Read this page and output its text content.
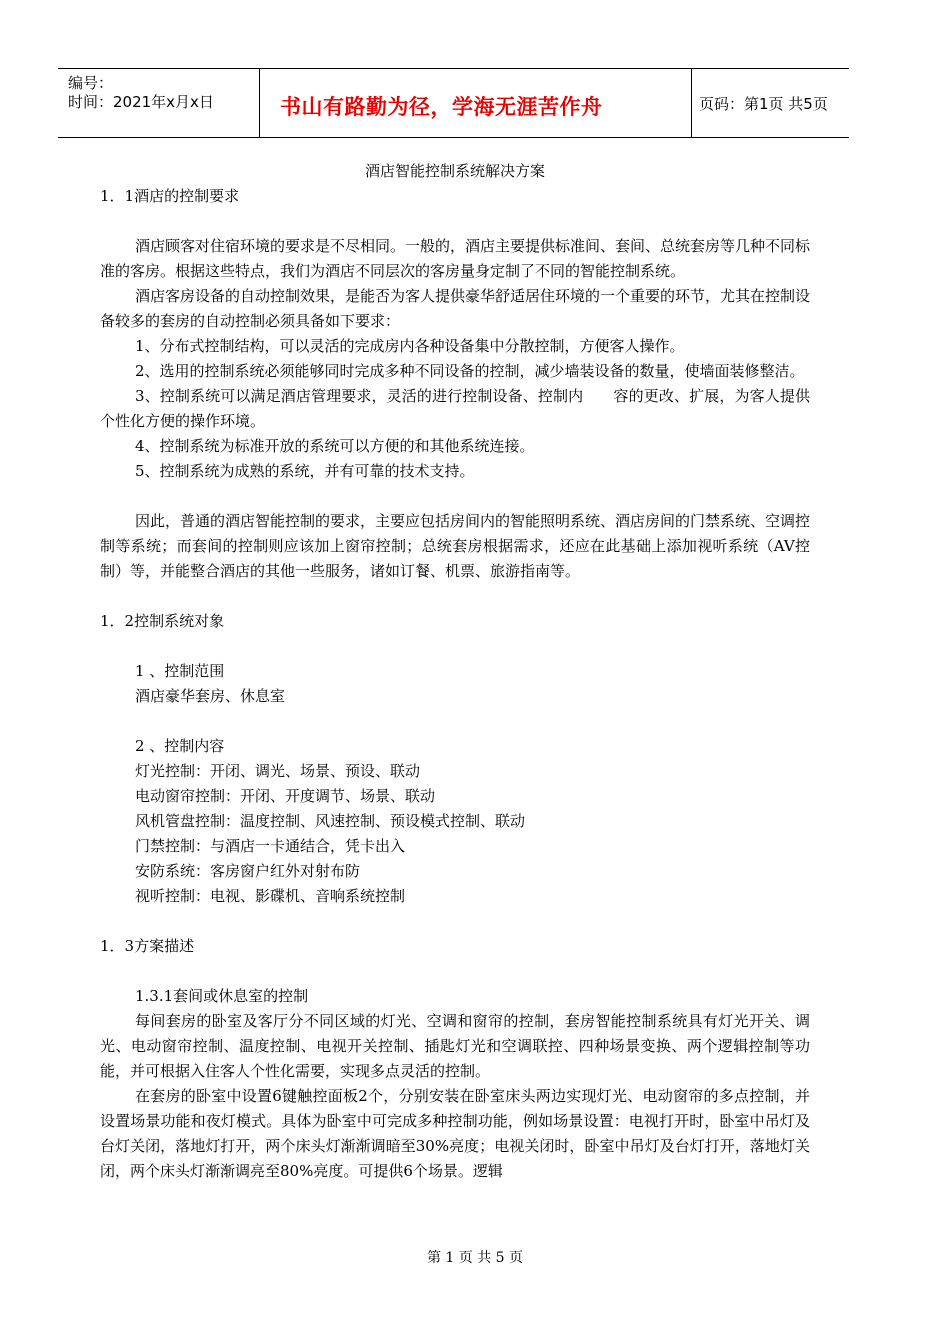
编号：
时间：2021年x月x日	书山有路勤为径，学海无涯苦作舟	页码：第1页 共5页
酒店智能控制系统解决方案
1．1酒店的控制要求

酒店顾客对住宿环境的要求是不尽相同。一般的，酒店主要提供标准间、套间、总统套房等几种不同标准的客房。根据这些特点，我们为酒店不同层次的客房量身定制了不同的智能控制系统。

酒店客房设备的自动控制效果，是能否为客人提供豪华舒适居住环境的一个重要的环节，尤其在控制设备较多的套房的自动控制必须具备如下要求：

1、分布式控制结构，可以灵活的完成房内各种设备集中分散控制，方便客人操作。

2、选用的控制系统必须能够同时完成多种不同设备的控制，减少墙装设备的数量，使墙面装修整洁。

3、控制系统可以满足酒店管理要求，灵活的进行控制设备、控制内　　容的更改、扩展，为客人提供个性化方便的操作环境。

4、控制系统为标准开放的系统可以方便的和其他系统连接。

5、控制系统为成熟的系统，并有可靠的技术支持。

因此，普通的酒店智能控制的要求，主要应包括房间内的智能照明系统、酒店房间的门禁系统、空调控制等系统；而套间的控制则应该加上窗帘控制；总统套房根据需求，还应在此基础上添加视听系统（AV控制）等，并能整合酒店的其他一些服务，诸如订餐、机票、旅游指南等。

1．2控制系统对象

1 、控制范围

酒店豪华套房、休息室

2 、控制内容

灯光控制：开闭、调光、场景、预设、联动

电动窗帘控制：开闭、开度调节、场景、联动

风机管盘控制：温度控制、风速控制、预设模式控制、联动

门禁控制：与酒店一卡通结合，凭卡出入

安防系统：客房窗户红外对射布防

视听控制：电视、影碟机、音响系统控制

1．3方案描述

1.3.1套间或休息室的控制

每间套房的卧室及客厅分不同区域的灯光、空调和窗帘的控制，套房智能控制系统具有灯光开关、调光、电动窗帘控制、温度控制、电视开关控制、插匙灯光和空调联控、四种场景变换、两个逻辑控制等功能，并可根据入住客人个性化需要，实现多点灵活的控制。

在套房的卧室中设置6键触控面板2个，分别安装在卧室床头两边实现灯光、电动窗帘的多点控制，并设置场景功能和夜灯模式。具体为卧室中可完成多种控制功能，例如场景设置：电视打开时，卧室中吊灯及台灯关闭，落地灯打开，两个床头灯渐渐调暗至30%亮度；电视关闭时，卧室中吊灯及台灯打开，落地灯关闭，两个床头灯渐渐调亮至80%亮度。可提供6个场景。逻辑

第 1 页 共 5 页
